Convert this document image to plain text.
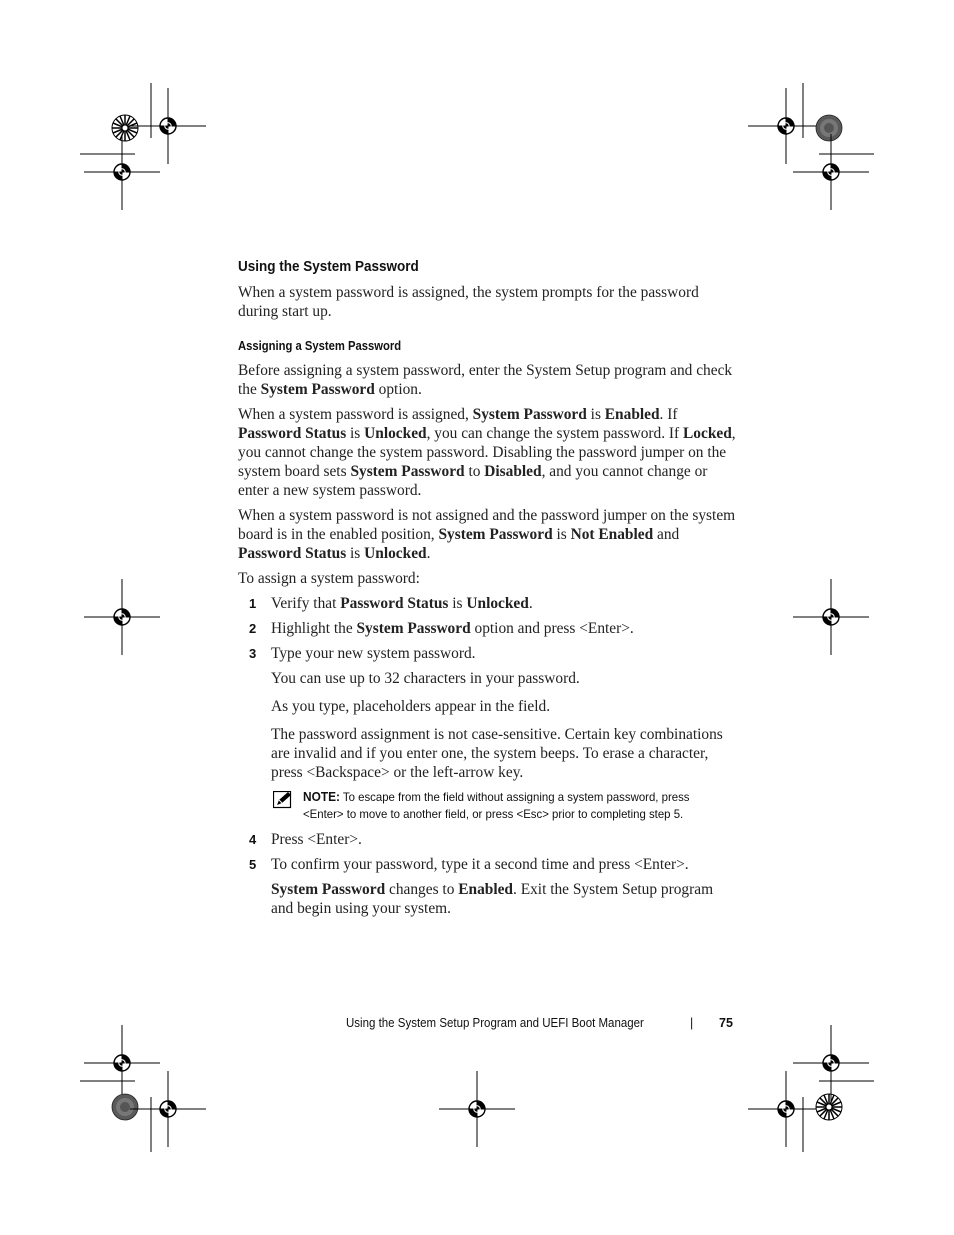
Using the System Password

When a system password is assigned, the system prompts for the password during start up.

Assigning a System Password

Before assigning a system password, enter the System Setup program and check the System Password option.

When a system password is assigned, System Password is Enabled. If Password Status is Unlocked, you can change the system password. If Locked, you cannot change the system password. Disabling the password jumper on the system board sets System Password to Disabled, and you cannot change or enter a new system password.

When a system password is not assigned and the password jumper on the system board is in the enabled position, System Password is Not Enabled and Password Status is Unlocked.

To assign a system password:

1 Verify that Password Status is Unlocked.

2 Highlight the System Password option and press <Enter>.

3 Type your new system password.

You can use up to 32 characters in your password.

As you type, placeholders appear in the field.

The password assignment is not case-sensitive. Certain key combinations are invalid and if you enter one, the system beeps. To erase a character, press <Backspace> or the left-arrow key.

NOTE: To escape from the field without assigning a system password, press
<Enter> to move to another field, or press <Esc> prior to completing step 5.
4 Press <Enter>.

5 To confirm your password, type it a second time and press <Enter>.

System Password changes to Enabled. Exit the System Setup program and begin using your system.

Using the System Setup Program and UEFI Boot Manager	| 75
